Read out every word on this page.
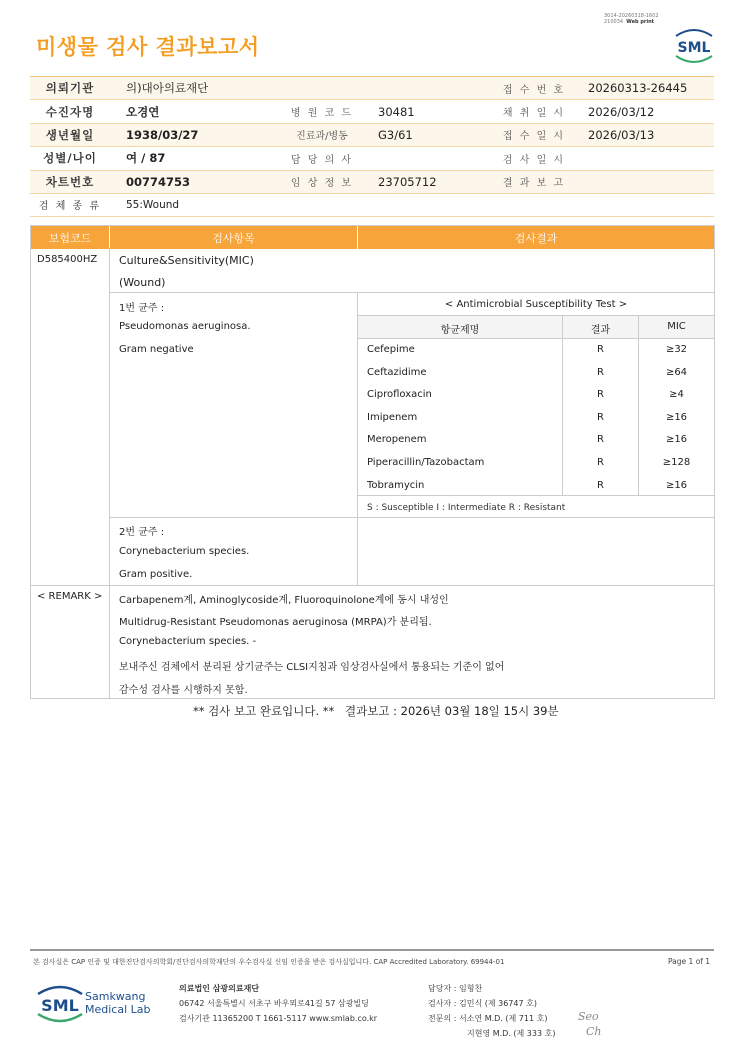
미생물 검사 결과보고서
3014-20260318-1602
210034 Web print
SML
의뢰기관	의)대아의료재단	접 수 번 호	20260313-26445
수진자명	오경연	병 원 코 드	30481	채 취 일 시	2026/03/12
생년월일	1938/03/27	진료과/병동	G3/61	접 수 일 시	2026/03/13
성별/나이	여 / 87	담 당 의 사	검 사 일 시
차트번호	00774753	임 상 정 보	23705712	결 과 보 고
검 체 종 류	55:Wound
보험코드	검사항목	검사결과
D585400HZ Culture&Sensitivity(MIC)
(Wound)
1번 균주 :
Pseudomonas aeruginosa.
Gram negative
< Antimicrobial Susceptibility Test >
항균제명	결과	MIC
Cefepime	R	≥32
Ceftazidime	R	≥64
Ciprofloxacin	R	≥4
Imipenem	R	≥16
Meropenem	R	≥16
Piperacillin/Tazobactam	R	≥128
Tobramycin	R	≥16
S : Susceptible I : Intermediate R : Resistant
2번 균주 :
Corynebacterium species.
Gram positive.
< REMARK > Carbapenem계, Aminoglycoside계, Fluoroquinolone계에 동시 내성인
Multidrug-Resistant Pseudomonas aeruginosa (MRPA)가 분리됨.
Corynebacterium species. -
보내주신 검체에서 분리된 상기균주는 CLSI지침과 임상검사실에서 통용되는 기준이 없어
감수성 검사를 시행하지 못함.
** 검사 보고 완료입니다. ** 결과보고 : 2026년 03월 18일 15시 39분
본 검사실은 CAP 인증 및 대한진단검사의학회/진단검사의학재단의 우수검사실 신임 인증을 받은 검사실입니다. CAP Accredited Laboratory. 69944-01	Page 1 of 1
SML Samkwang
Medical Lab
의료법인 삼광의료재단
06742 서울특별시 서초구 바우뫼로41길 57 삼광빌딩
검사기관 11365200 T 1661-5117 www.smlab.co.kr
담당자 : 임형찬
검사자 : 김민식 (제 36747 호)
전문의 : 서소연 M.D. (제 711 호)
지현영 M.D. (제 333 호)
Seo
Ch
